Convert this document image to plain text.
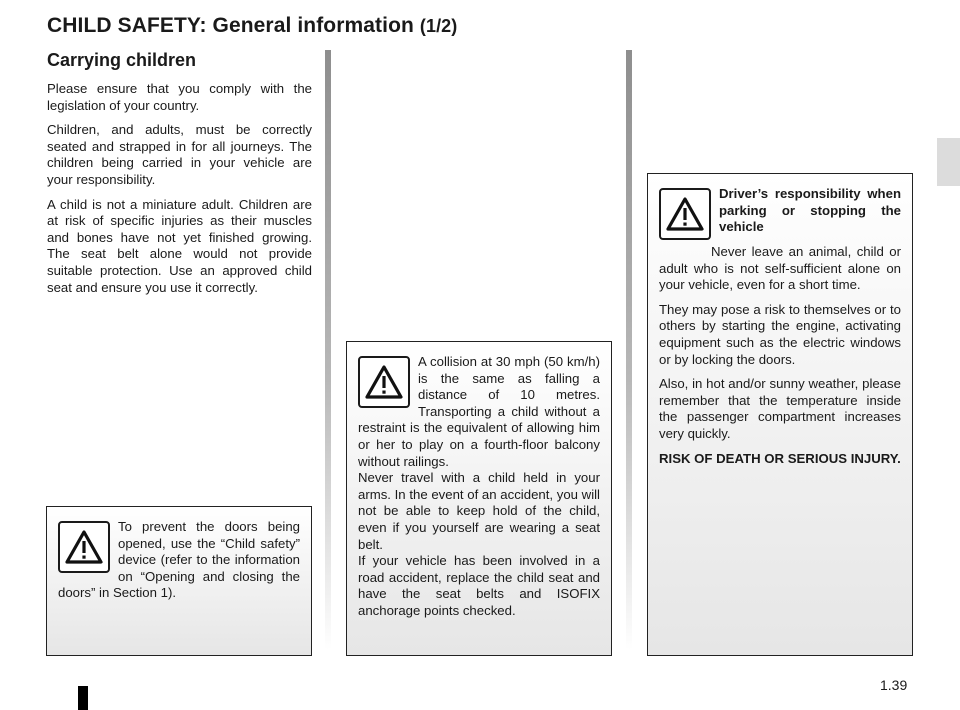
CHILD SAFETY: General information (1/2)
Carrying children

Please ensure that you comply with the legislation of your country.

Children, and adults, must be correctly seated and strapped in for all journeys. The children being carried in your vehicle are your responsibility.

A child is not a miniature adult. Children are at risk of specific injuries as their muscles and bones have not yet finished growing. The seat belt alone would not provide suitable protection. Use an approved child seat and ensure you use it correctly.

To prevent the doors being opened, use the “Child safety” device (refer to the information on “Opening and closing the doors” in Section 1).

A collision at 30 mph (50 km/h) is the same as falling a distance of 10 metres. Transporting a child without a restraint is the equivalent of allowing him or her to play on a fourth-floor balcony without railings.

Never travel with a child held in your arms. In the event of an accident, you will not be able to keep hold of the child, even if you yourself are wearing a seat belt.

If your vehicle has been involved in a road accident, replace the child seat and have the seat belts and ISOFIX anchorage points checked.

Driver’s responsibility when parking or stopping the vehicle

Never leave an animal, child or adult who is not self-sufficient alone on your vehicle, even for a short time.

They may pose a risk to themselves or to others by starting the engine, activating equipment such as the electric windows or by locking the doors.

Also, in hot and/or sunny weather, please remember that the temperature inside the passenger compartment increases very quickly.

RISK OF DEATH OR SERIOUS INJURY.

1.39
